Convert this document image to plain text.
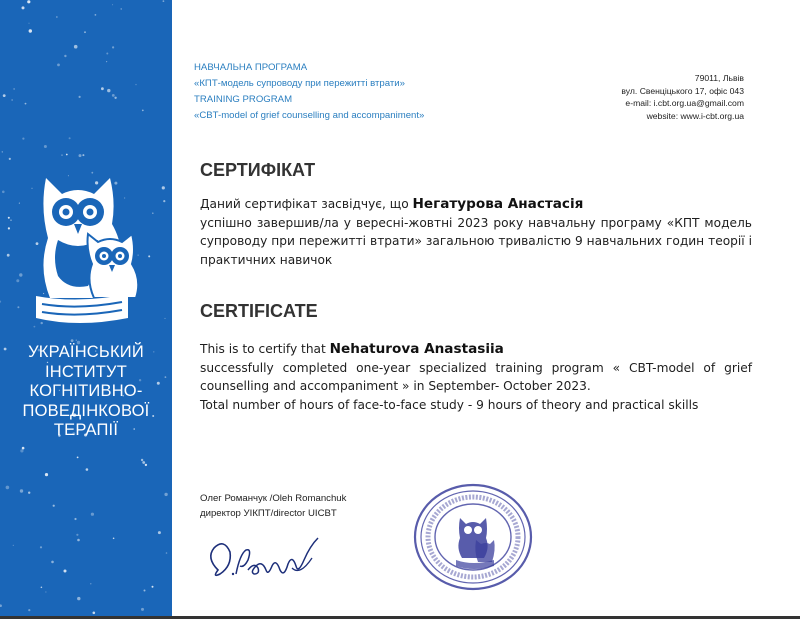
УКРАЇНСЬКИЙ
ІНСТИТУТ
КОГНІТИВНО-
ПОВЕДІНКОВОЇ
ТЕРАПІЇ
НАВЧАЛЬНА ПРОГРАМА
«КПТ-модель супроводу при пережитті втрати»
TRAINING PROGRAM
«CBT-model of grief counselling and accompaniment»
79011, Львів
вул. Свенціцького 17, офіс 043
e-mail: i.cbt.org.ua@gmail.com
website: www.i-cbt.org.ua
СЕРТИФІКАТ
Даний сертифікат засвідчує, що Негатурова Анастасія
успішно завершив/ла у вересні-жовтні 2023 року навчальну програму «КПТ модель
супроводу при пережитті втрати» загальною тривалістю 9 навчальних годин теорії і
практичних навичок
CERTIFICATE
This is to certify that Nehaturova Anastasiia
successfully completed one-year specialized training program « CBT-model of grief
counselling and accompaniment » in September- October 2023.
Total number of hours of face-to-face study - 9 hours of theory and practical skills
Олег Романчук /Oleh Romanchuk
директор УІКПТ/director UICBT
